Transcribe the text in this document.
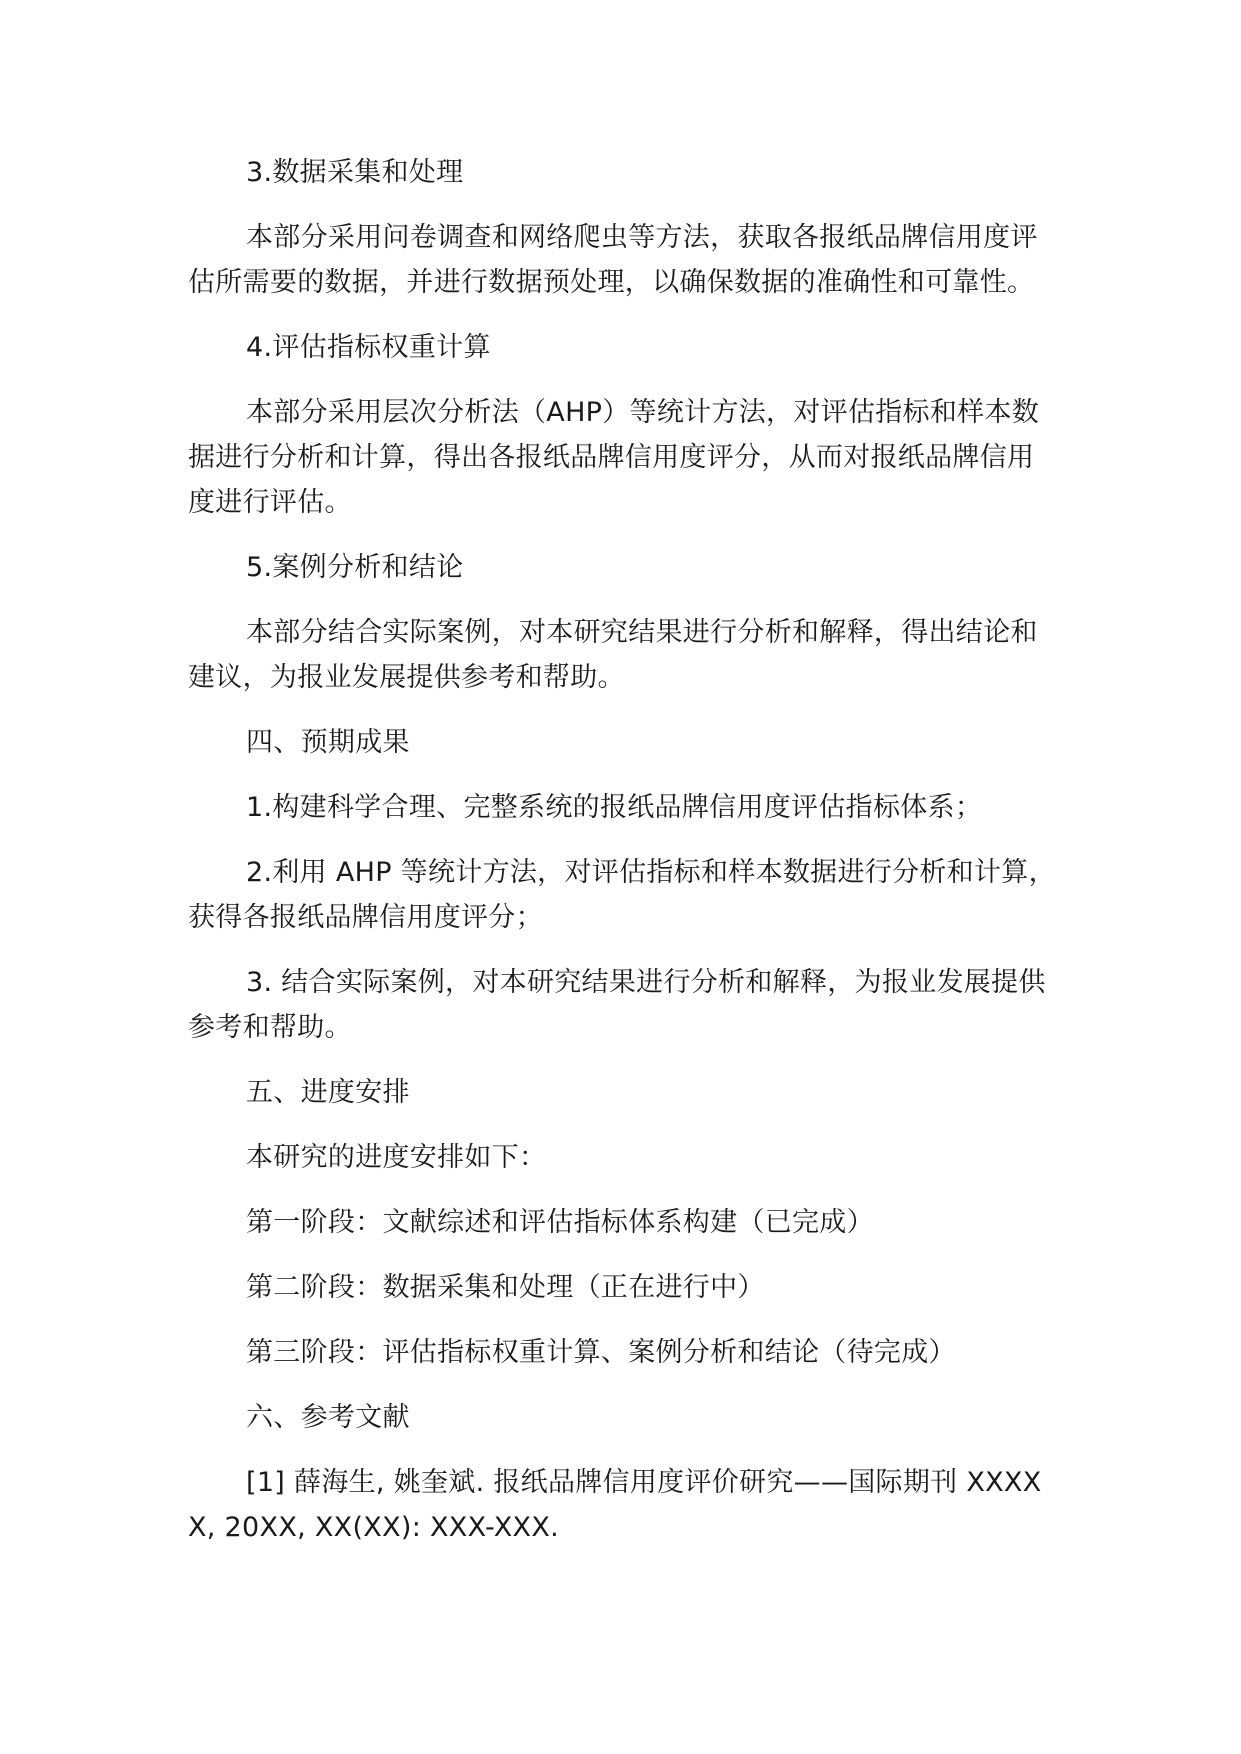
3.数据采集和处理

本部分采用问卷调查和网络爬虫等方法，获取各报纸品牌信用度评估所需要的数据，并进行数据预处理，以确保数据的准确性和可靠性。

4.评估指标权重计算

本部分采用层次分析法（AHP）等统计方法，对评估指标和样本数据进行分析和计算，得出各报纸品牌信用度评分，从而对报纸品牌信用度进行评估。

5.案例分析和结论

本部分结合实际案例，对本研究结果进行分析和解释，得出结论和建议，为报业发展提供参考和帮助。

四、预期成果

1.构建科学合理、完整系统的报纸品牌信用度评估指标体系；

2.利用 AHP 等统计方法，对评估指标和样本数据进行分析和计算，获得各报纸品牌信用度评分；

3. 结合实际案例，对本研究结果进行分析和解释，为报业发展提供参考和帮助。

五、进度安排

本研究的进度安排如下：

第一阶段：文献综述和评估指标体系构建（已完成）

第二阶段：数据采集和处理（正在进行中）

第三阶段：评估指标权重计算、案例分析和结论（待完成）

六、参考文献

[1] 薛海生, 姚奎斌. 报纸品牌信用度评价研究——国际期刊 XXXXX, 20XX, XX(XX): XXX-XXX.
